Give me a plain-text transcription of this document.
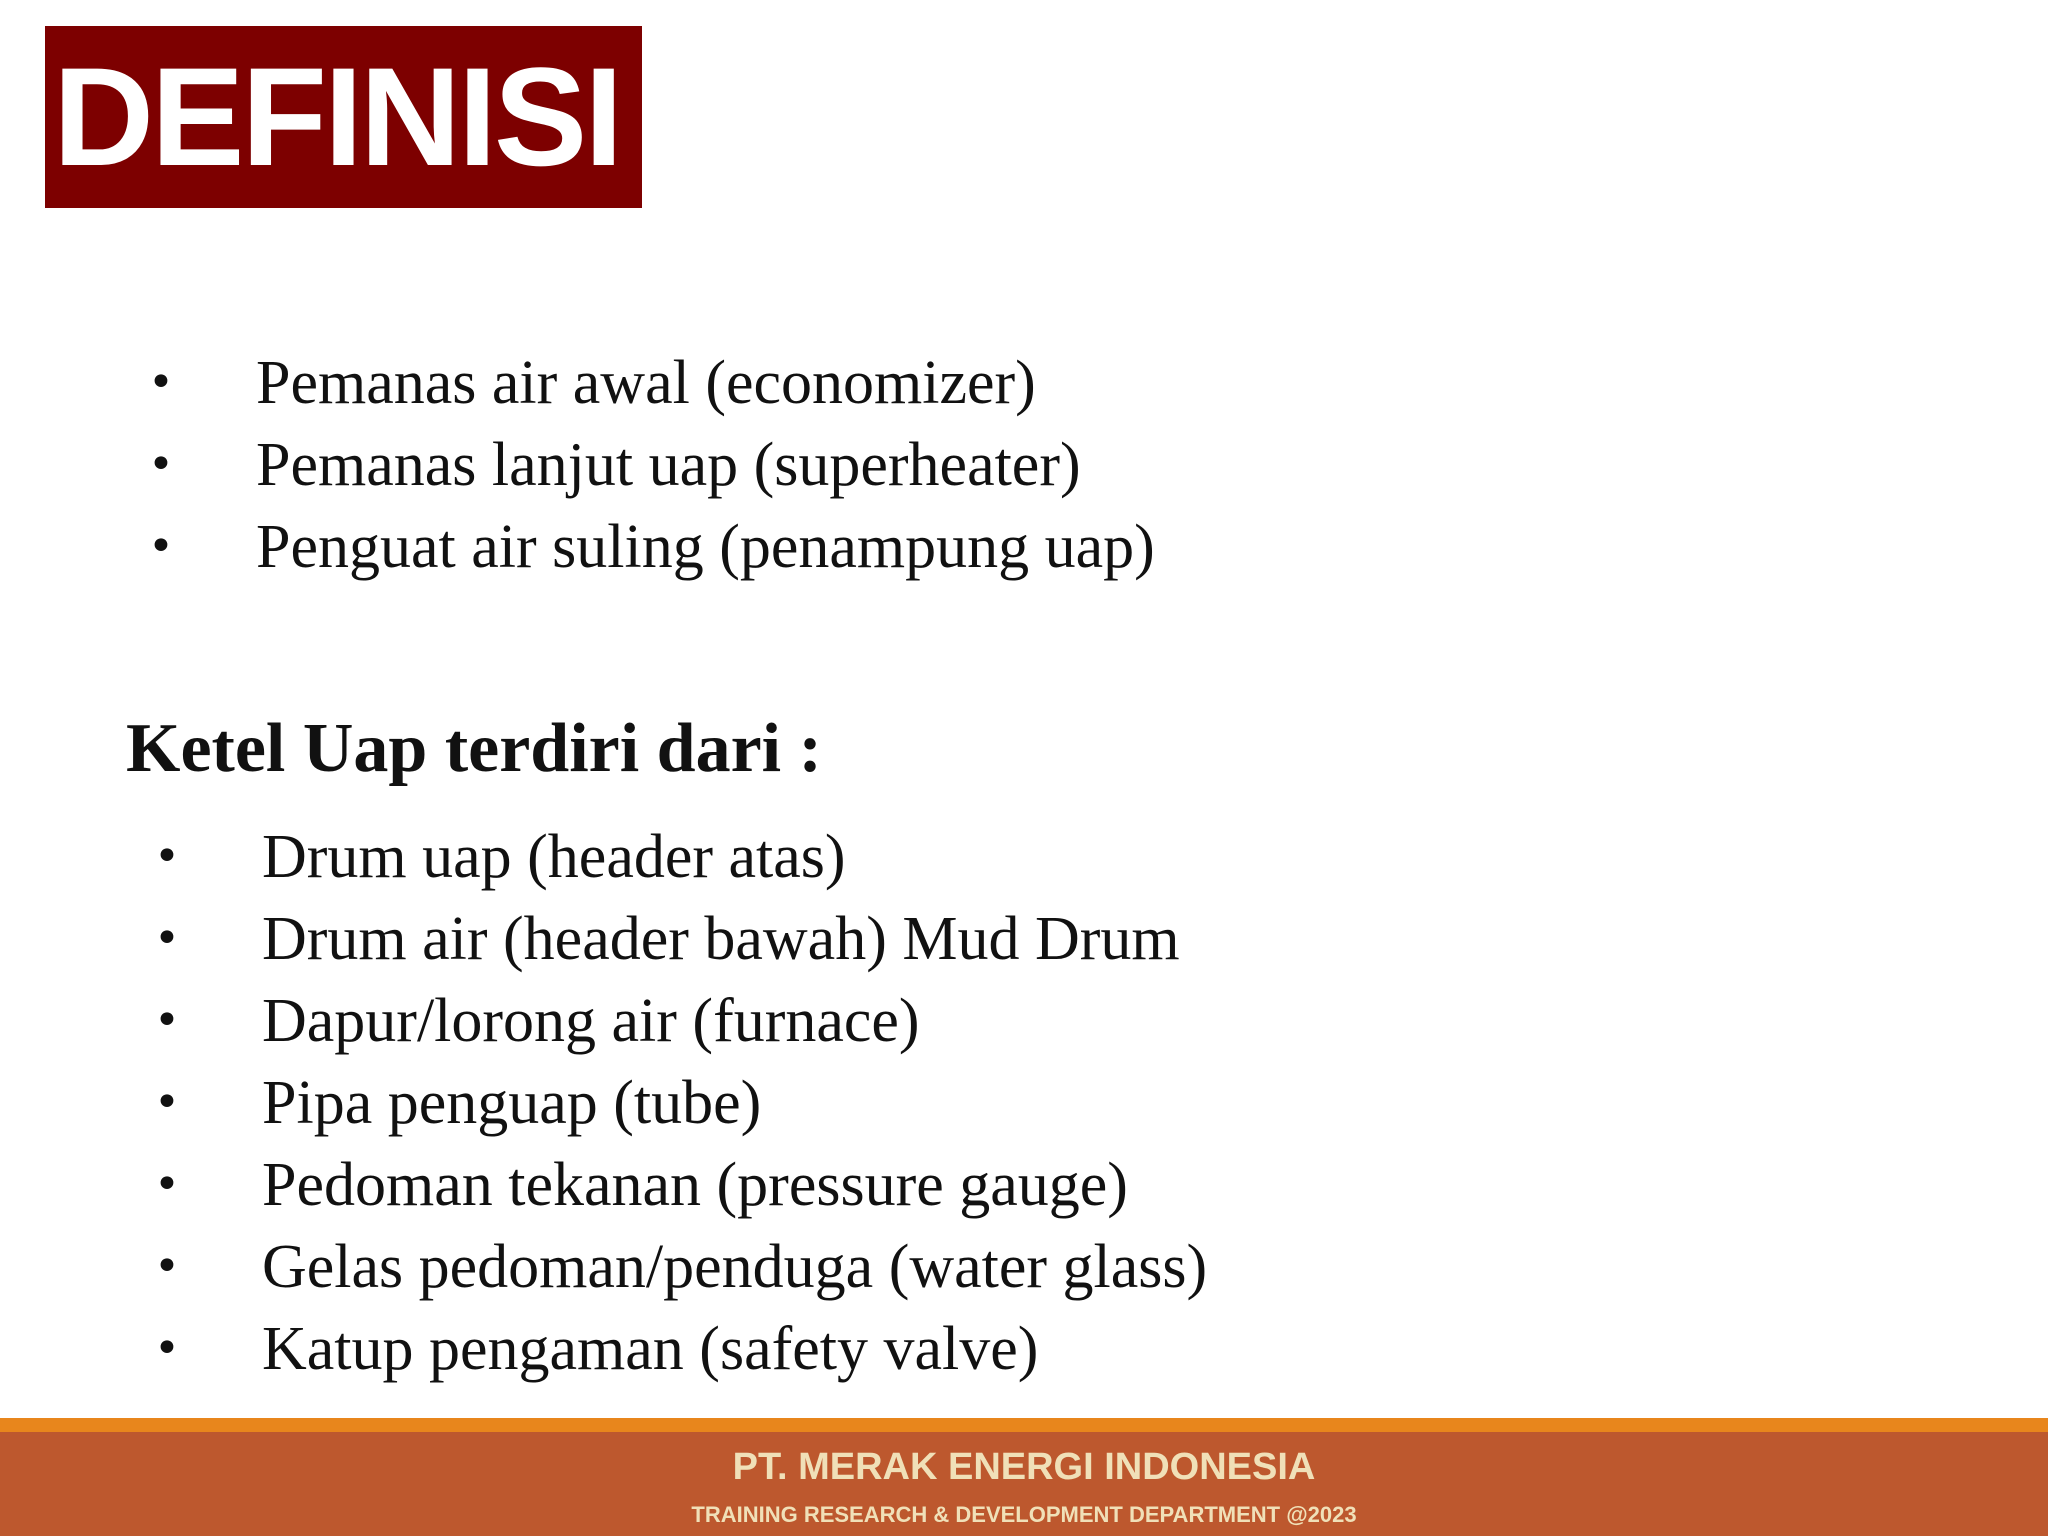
DEFINISI
• Pemanas air awal (economizer)
• Pemanas lanjut uap (superheater)
• Penguat air suling (penampung uap)
Ketel Uap terdiri dari :
• Drum uap (header atas)
• Drum air (header bawah) Mud Drum
• Dapur/lorong air (furnace)
• Pipa penguap (tube)
• Pedoman tekanan (pressure gauge)
• Gelas pedoman/penduga (water glass)
• Katup pengaman (safety valve)
PT. MERAK ENERGI INDONESIA
TRAINING RESEARCH & DEVELOPMENT DEPARTMENT @2023
